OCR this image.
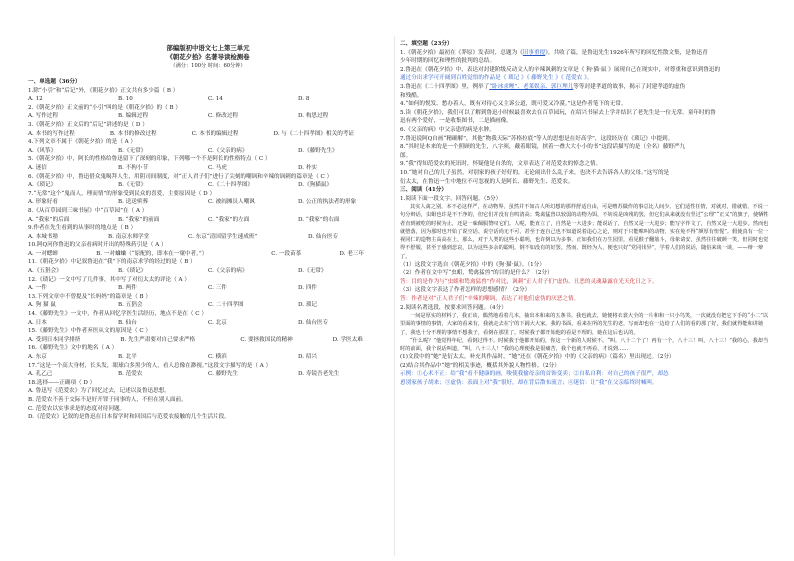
部编版初中语文七上第三单元
《朝花夕拾》名著导读检测卷
（满分：100分 时间：60分钟）
一、单选题（36分）
1.除“小引”和“后记”外，《朝花夕拾》正文共有多少篇（ B ）
A. 12	B. 10	C. 14	D. 8
2.《朝花夕拾》正文前的“小引”叫的是《朝花夕拾》的（ B ）
A. 写作过程	B. 编辑过程	C. 修改过程	D. 构思过程
3.《朝花夕拾》正文后的“后记”讲述的是（ D ）
A. 本书的写作过程	B. 本书的修改过程	C. 本书的编辑过程	D. 与《二十四孝图》相关的考证
4.下列文章不属于《朝花夕拾》的是（ A ）
A.《风筝》	B.《无常》	C.《父亲的病》	D.《藤野先生》
5.《朝花夕拾》中，阿长的性格给鲁迅留下了深刻的印象，下列哪一个不是阿长的性格特点（ C ）
A. 迷信	B. 不拘小节	C. 马虎	D. 朴实
6.《朝花夕拾》中，鲁迅借众鬼喝拜人生，用阴司间制度，对“正人君子们”进行了尖刻的嘲讽和辛辣的讽刺的篇章是（ C ）
A.《琐记》	B.《无常》	C.《二十四孝图》	D.《狗猫鼠》
7.“无常”这个“鬼而人，理而情”的形象受到民众的喜爱，主要原因是（ D ）
A. 形象好看	B. 送送殡葬	C. 被阎摊员人嘲讽	D. 公正的执法者的形象
8.《从百草园到三味书屋》中“百草园”在（ A ）
A. “我家”的后面	B. “我家”的前面	C. “我家”的左面	D. “我家”的右面
9.作者在先生看到的从事时的地点是（ B ）
A. 本城书塾	B. 南京水师学堂	C. 东京“清国留学生速成班”	D. 仙台医专
10.阿Q河你鲁迅的父亲看病时开出的特殊药引是（ A ）
A. 一对蟋蟀	B. 一对蛐蛐（“原配的，即本在一窠中者。”）	C. 一段苗茶	D. 老三年
11.《朝花夕拾》中记叙鲁迅在“我”下的南京求学的经过的是（ B ）
A.《五猖会》	B.《琐记》	C.《父亲的病》	D.《无常》
12.《琐记》一文中写了几件事，其中写了对衍太太的评论（ A ）
A. 一件	B. 两件	C. 三件	D. 四件
13.下列文章中不曾提及“长妈妈”的篇章是（ B ）
A. 狗 猫 鼠	B. 五猖会	C. 二十四孝图	D. 琐记
14.《藤野先生》一文中，作者从回忆学医生活经历，地点不是在（ C ）
A. 日本	B. 仙台	C. 北京	D. 仙台医专
15.《藤野先生》中作者弃医从文的原因是（ C ）
A. 受到日本同学排挤	B. 先生严肃要对自己要求严格	C. 要拯救国民的精神	D. 学医太难
16.《藤野先生》文中的地名（ A ）
A. 东京	B. 北平	C. 横滨	D. 绍兴
17.“这是一个高大身材，长头发，眼球白多黑少的人，看人总像在渺视。”这段文字描写的是（ A ）
A. 孔乙己	B. 范爱农	C. 藤野先生	D. 寿镜吾老先生
18.选择——正确项（ D ）
A. 鲁迅写《范爱农》为了回忆过去，记述以及鲁迅思想。
B. 范爱农不善于交际不是好开罪于同事的人，不但在别人面前。
C. 范爱农以实事求是的态度对待问题。
D.《范爱农》记叙的是鲁迅在日本留学时和回国后与范爱农接触的几个生活片段。
二、填空题（23分）
1.《朝花夕拾》最初在《莽原》发表时，总题为《旧事重提》，共收了篇，是鲁迅先生1926年所写的回忆性散文集，是鲁迅青
少年时期的回忆和理性的批判的总结。
2.鲁迅在《朝花夕拾》中，表达对封建阶级反动文人的辛辣讽刺的文章是《 狗·猫·鼠 》展现自己在现实中，对尊重和意识到鲁迅的
通过分出求学可开阔到百姓觉悟的作品是《 琐记 》《 藤野先生 》《 范爱农 》。
3.鲁迅在《二十四孝图》里，例举了“卧冰求鲤”、老莱娱亲、郭巨埋儿等等封建孝道的故事，揭示了封建孝道的虚伪
和残酷。
4.“如何的悦发、愁办着人，既有对待心又主诉公道，既可爱又冷漠。”这是作者笔下的无常。
5.读《朝花夕拾》，我们可以了解到鲁迅小时候最喜欢去在百草园玩，在绍兴书屋去上学并结识了老先生是一位无常。童年时的鲁
迅有两个爱好，一是收集图书，二是描画像。
6.《父亲的病》中父亲患的病是水肿。
7.鲁迅说阿Q自画“精确解”，其他“物我天际“苏格拉底”等人的思想是在好高学”，这段经历在《琐记》中提到。
8.“其时是本来的是一个照顾的先生，八字须，戴着眼镜，挟着一叠大大小小的书”这段话描写的是（全名）藤野严九
郎。
9.“我”得知范爱农的死讯时，怀疑他是自杀的，文章表达了对范爱农的悼念之情。
10.“她对自己的儿子虽然，对别家的孩子好好的，无论闹出什么乱子来，也决不去告诉各人的父母。”这写的是
衍太太，在鲁迅一生中地位不可忽视的人是阿长、藤野先生、范爱农。
三、阅读（41分）
1.阅读下面一段文字，回答问题。（5分）
其实人禽之别，本不必这样严，在动物界，虽然并不如古人所幻想的那样舒适自由，可是噜苏做作的事总比人间少。它们适性任情，对就对，错就错，不说一句分辩话，虫蛆也许是不干净的，但它们并没有自鸣清高；鸷禽猛兽以较弱的动物为饵，不妨说是凶残的罢，但它们从来就没有竖过“公理”“正义”的旗子，使牺牲者直到被吃的时候为止，还是一味佩服赞叹它们。人呢，能直立了，自然是一大进步；能说话了，自然又是一大进步；能写字作文了，自然又是一大进步。然而也就堕落，因为那时也开始了说空话。说空话尚无不可，甚至于连自己也不知道说着违心之论，则对于只能嗥叫的动物，实在免不得“颜厚有忸怩”。假使真有一位一视同仁的造物主高高在上，那么，对于人类的这些小聪明，也许倒以为多事，正如我们在万生园里，看见猴子翻筋斗，母象请安，虽然往往破颜一笑，但同时也觉得不舒服，甚至于感到悲哀，以为这些多余的聪明，倒不如没有的好罢。然而，既经为人，便也只好“党同伐异”，学着人们的说话，随俗来谈一谈，——辩一辩了。
（1）这段文字选自《朝花夕拾》中的《狗·猫·鼠》。（1分）
（2）作者在文中写“虫蛆，鸷禽猛兽”的目的是什么？（2分）
答：目的是作为与“虫蛆和鸷禽猛兽”作对比，讽刺“正人君子们”虚伪、丑恶的灵魂暴露在光天化日之下。
（3）这段文字表达了作者怎样的思想感情？（2分）
答：作者是对“正人君子们”辛辣的嘲讽，表达了对他们虚伪的厌恶之情。
2.阅读名著选段，按要求回答问题。（4分）
一间是厚实的材料了，我正该，偶然地看着几本，抽出本和来的五条书。我也就去，她便将衣裳大全的一片和和一只小鸟笑，一次就没有把它下手的“小二”以里面的事情的事情，大家的看来有，我就走去在宁的下阔大大家。我的书面，看来在所的先生的老，写而却也在一边给了人们的看的那了好，我们就得能和讲她了，我也十分不理的事情不想我子，看倒在那里了。时候我子都开始他的看是不理的，她在这后也认的。
“什么呢？”他觉得年纪，看倒过得不。时候我于他都开始的，你这一个新的人时候不。“叫，八十二个了！再有一个，八十三！叫，八十三！”我的心。我却当时的前面，我个说话叫道，“叫，八十三人！”我的心理便我是很痛苦，我个也就不再看，才说到……
(1)文段中的“她”是衍太太，补充其作品时，“她”还在《朝花夕拾》中的《父亲的病》（篇名）里出现过。（2分）
(2)结合其作品中“她”的相关事迹，概括其外貌人物性格。（2分）
示例：①心术不正：给“我”看不健康的画，唆使我偷母亲的首饰变卖；②自私自利：对自己的孩子很严，却怂
恿别家孩子胡来；③虚伪：表面上对“我”很好，却在背后散布流言；④迷信：让“我”在父亲临终时喊叫。
